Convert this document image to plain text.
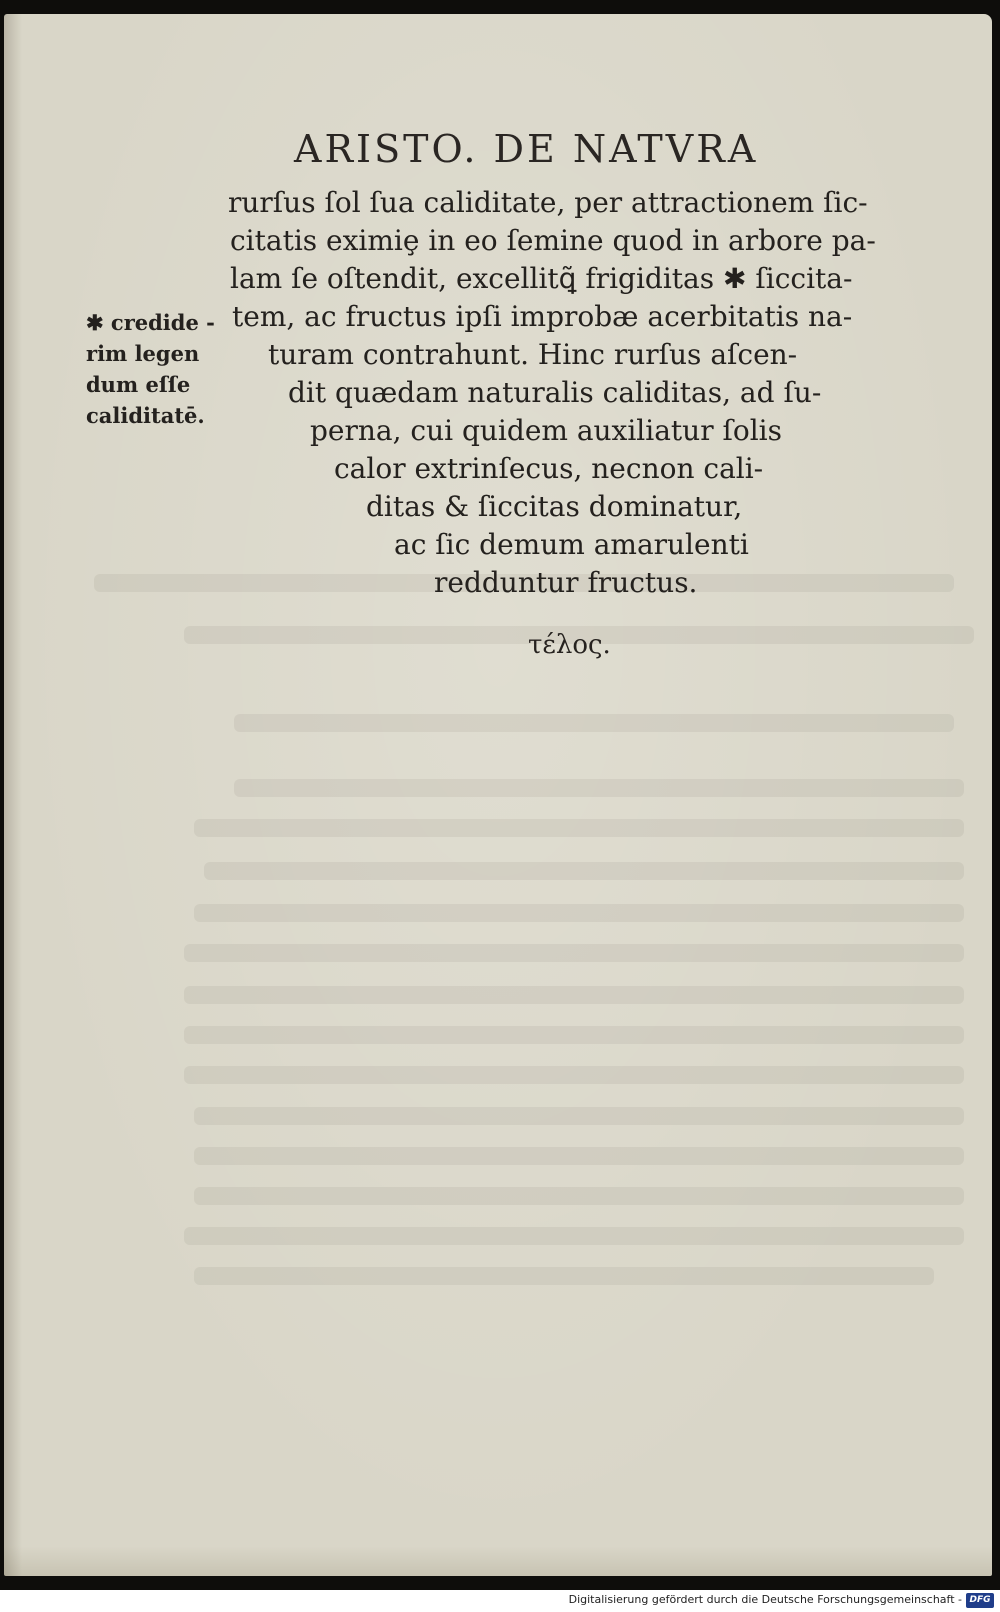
ARISTO. DE NATVRA
rurſus ſol ſua caliditate, per attractionem ſic-
citatis eximiȩ in eo ſemine quod in arbore pa-
lam ſe oſtendit, excellitꝗ̃ frigiditas ✱ ſiccita-
tem, ac fructus ipſi improbæ acerbitatis na-
turam contrahunt. Hinc rurſus aſcen-
dit quædam naturalis caliditas, ad ſu-
perna, cui quidem auxiliatur ſolis
calor extrinſecus, necnon cali-
ditas & ſiccitas dominatur,
ac ſic demum amarulenti
redduntur fructus.
✱ credide -
rim legen
dum eſſe
caliditatē.
τέλος.
Digitalisierung gefördert durch die Deutsche Forschungsgemeinschaft - DFG
